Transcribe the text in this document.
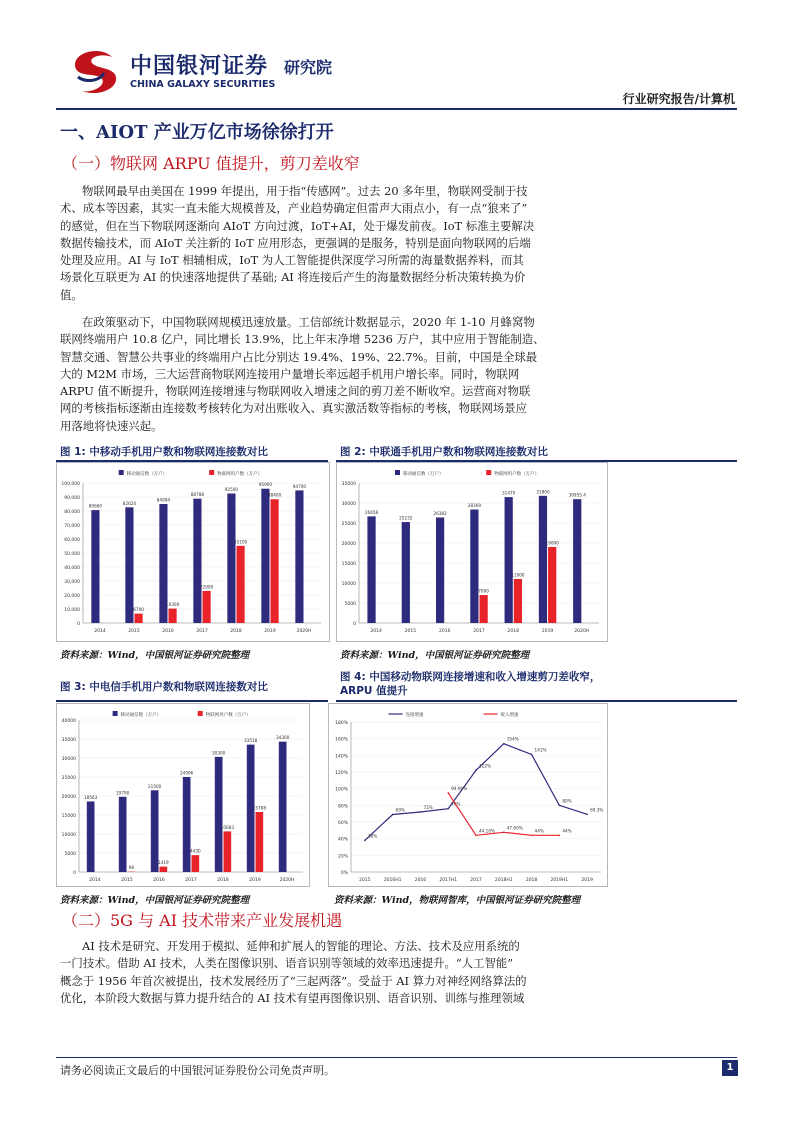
中国银河证券 研究院
CHINA GALAXY SECURITIES
行业研究报告/计算机
一、AIOT 产业万亿市场徐徐打开
（一）物联网 ARPU 值提升，剪刀差收窄
物联网最早由美国在 1999 年提出，用于指“传感网”。过去 20 多年里，物联网受制于技
术、成本等因素，其实一直未能大规模普及，产业趋势确定但雷声大雨点小，有一点“狼来了”
的感觉，但在当下物联网逐渐向 AIoT 方向过渡，IoT+AI，处于爆发前夜。IoT 标准主要解决
数据传输技术，而 AIoT 关注新的 IoT 应用形态，更强调的是服务，特别是面向物联网的后端
处理及应用。AI 与 IoT 相辅相成，IoT 为人工智能提供深度学习所需的海量数据养料，而其
场景化互联更为 AI 的快速落地提供了基础; AI 将连接后产生的海量数据经分析决策转换为价
值。
在政策驱动下，中国物联网规模迅速放量。工信部统计数据显示，2020 年 1-10 月蜂窝物
联网终端用户 10.8 亿户，同比增长 13.9%，比上年末净增 5236 万户，其中应用于智能制造、
智慧交通、智慧公共事业的终端用户占比分别达 19.4%、19%、22.7%。目前，中国是全球最
大的 M2M 市场，三大运营商物联网连接用户量增长率远超手机用户增长率。同时，物联网
ARPU 值不断提升，物联网连接增速与物联网收入增速之间的剪刀差不断收窄。运营商对物联
网的考核指标逐渐由连接数考核转化为对出账收入、真实激活数等指标的考核，物联网场景应
用落地将快速兴起。
图 1: 中移动手机用户数和物联网连接数对比	图 2: 中联通手机用户数和物联网连接数对比
移动通信数（万户）	物联网用户数（万户）
0
10,000
20,000
30,000
40,000
50,000
60,000
70,000
80,000
90,000
100,000
2014	2015	2016	2017	2018	2019	2020H
80660
82624
84994
88788
92500
95900	94700
6700
10300
22900
55100
88400
移动通信数（万户）	物联网用户数（万户）
0
5000
10000
15000
20000
25000
30000
35000
2014	2015	2016	2017	2018	2019	2020H
26658
25232
26382
28369
31470	31800
30955.4
7000
11000
19000
资料来源：Wind，中国银河证券研究院整理	资料来源：Wind，中国银河证券研究院整理
图 3: 中电信手机用户数和物联网连接数对比
图 4: 中国移动物联网连接增速和收入增速剪刀差收窄，ARPU 值提升
移动通信数（万户）	物联网用户数（万户）
0
5000
10000
15000
20000
25000
30000
35000
40000
2014	2015	2016	2017	2018	2019	2020H
18563
19790
21500
24996
30300
33518
34300
98
1419
4430
10683
15788
连接增速	收入增速
0%
20%
40%
60%
80%
100%
120%
140%
160%
180%
2015	2016H1	2016	2017H1	2017	2018H1	2018	2019H1	2019
38%
69%	72%
76%
122%
154%
141%
80%
69.3%
94.90%
44.10%
47.60%
44%	44%
资料来源：Wind，中国银河证券研究院整理	资料来源：Wind，物联网智库，中国银河证券研究院整理
（二）5G 与 AI 技术带来产业发展机遇
AI 技术是研究、开发用于模拟、延伸和扩展人的智能的理论、方法、技术及应用系统的
一门技术。借助 AI 技术，人类在图像识别、语音识别等领域的效率迅速提升。“人工智能”
概念于 1956 年首次被提出，技术发展经历了“三起两落”。受益于 AI 算力对神经网络算法的
优化，本阶段大数据与算力提升结合的 AI 技术有望再图像识别、语音识别、训练与推理领域
请务必阅读正文最后的中国银河证券股份公司免责声明。	1
